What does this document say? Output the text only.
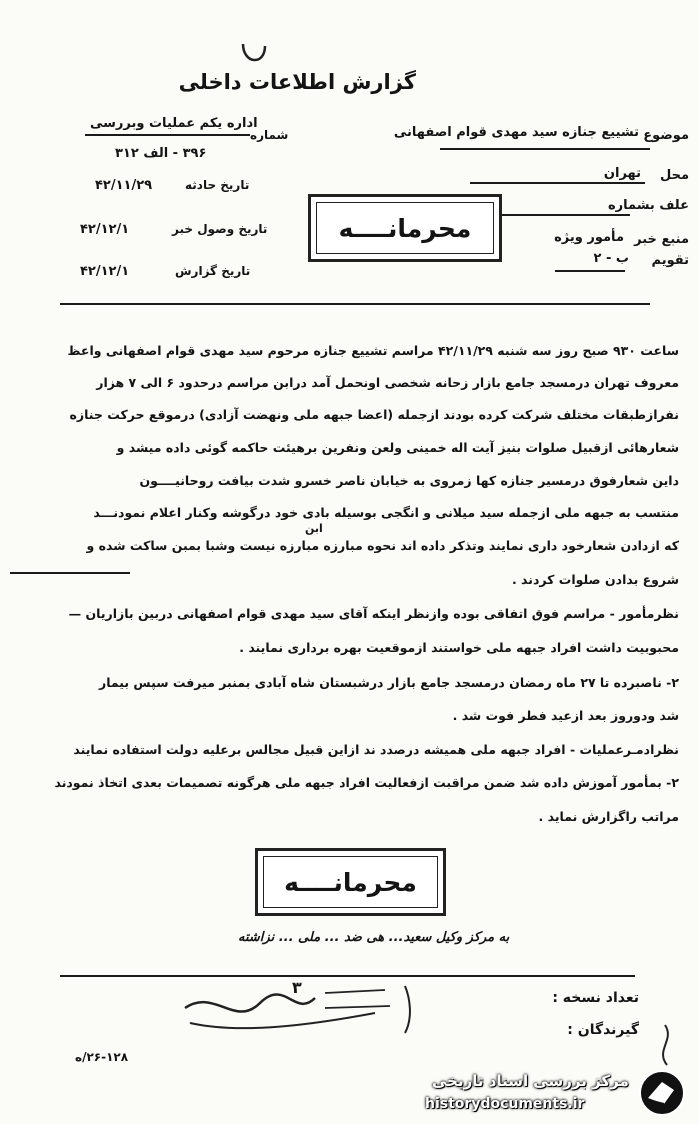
گزارش اطلاعات داخلی
موضوع
تشییع جنازه سید مهدی قوام اصفهانی
محل
تهران
علف بشماره
منبع خبر
مأمور ویژه
تقویم
ب - ۲
شماره
اداره یکم عملیات وبررسی
۳۹۶ - الف ۳۱۲
تاریخ حادثه
۴۲/۱۱/۲۹
تاریخ وصول خبر
۴۲/۱۲/۱
تاریخ گزارش
۴۲/۱۲/۱
محرمانــــه
ساعت ۹۳۰ صبح روز سه شنبه ۴۲/۱۱/۲۹ مراسم تشییع جنازه مرحوم سید مهدی قوام اصفهانی واعظ
معروف تهران درمسجد جامع بازار زحانه شخصی اونحمل آمد درابن مراسم درحدود ۶ الی ۷ هزار
نفرازطبقات مختلف شرکت کرده بودند ازجمله (اعضا جبهه ملی ونهضت آزادی) درموقع حرکت جنازه
شعارهائی ازقبیل صلوات بنیز آیت اله خمینی ولعن ونفرین برهیئت حاکمه گوئی داده میشد و
داین شعارفوق درمسیر جنازه کها زمروی به خیابان ناصر خسرو شدت بیافت روحانیــــون
منتسب به جبهه ملی ازجمله سید میلانی و انگجی بوسیله بادی خود درگوشه وکنار اعلام نمودنـــد
ابن
که ازدادن شعارخود داری نمایند وتذکر داده اند نحوه مبارزه مبارزه نیست وشبا بمبن ساکت شده و
شروع بدادن صلوات کردند .
نظرمأمور - مراسم فوق اتفاقی بوده وازنظر اینکه آقای سید مهدی قوام اصفهانی دربین بازاریان —
محبوبیت داشت افراد جبهه ملی خواستند ازموقعیت بهره برداری نمایند .
۲- ناصبرده تا ۲۷ ماه رمضان درمسجد جامع بازار درشبستان شاه آبادی بمنبر میرفت سپس بیمار
شد ودوروز بعد ازعید فطر فوت شد .
نظرادمـرعملیات - افراد جبهه ملی همیشه درصدد ند ازاین قبیل مجالس برعلیه دولت استفاده نمایند
۲- بمأمور آموزش داده شد ضمن مراقبت ازفعالیت افراد جبهه ملی هرگونه تصمیمات بعدی اتخاذ نمودند
مراتب راگزارش نماید .
محرمانــــه
به مرکز وکیل سعید... هی ضد ... ملی ... نزاشته
تعداد نسخه :
گیرندگان :
۲۶-۱۲۸/ه
۳
مرکز بررسی اسناد تاریخی
historydocuments.ir
